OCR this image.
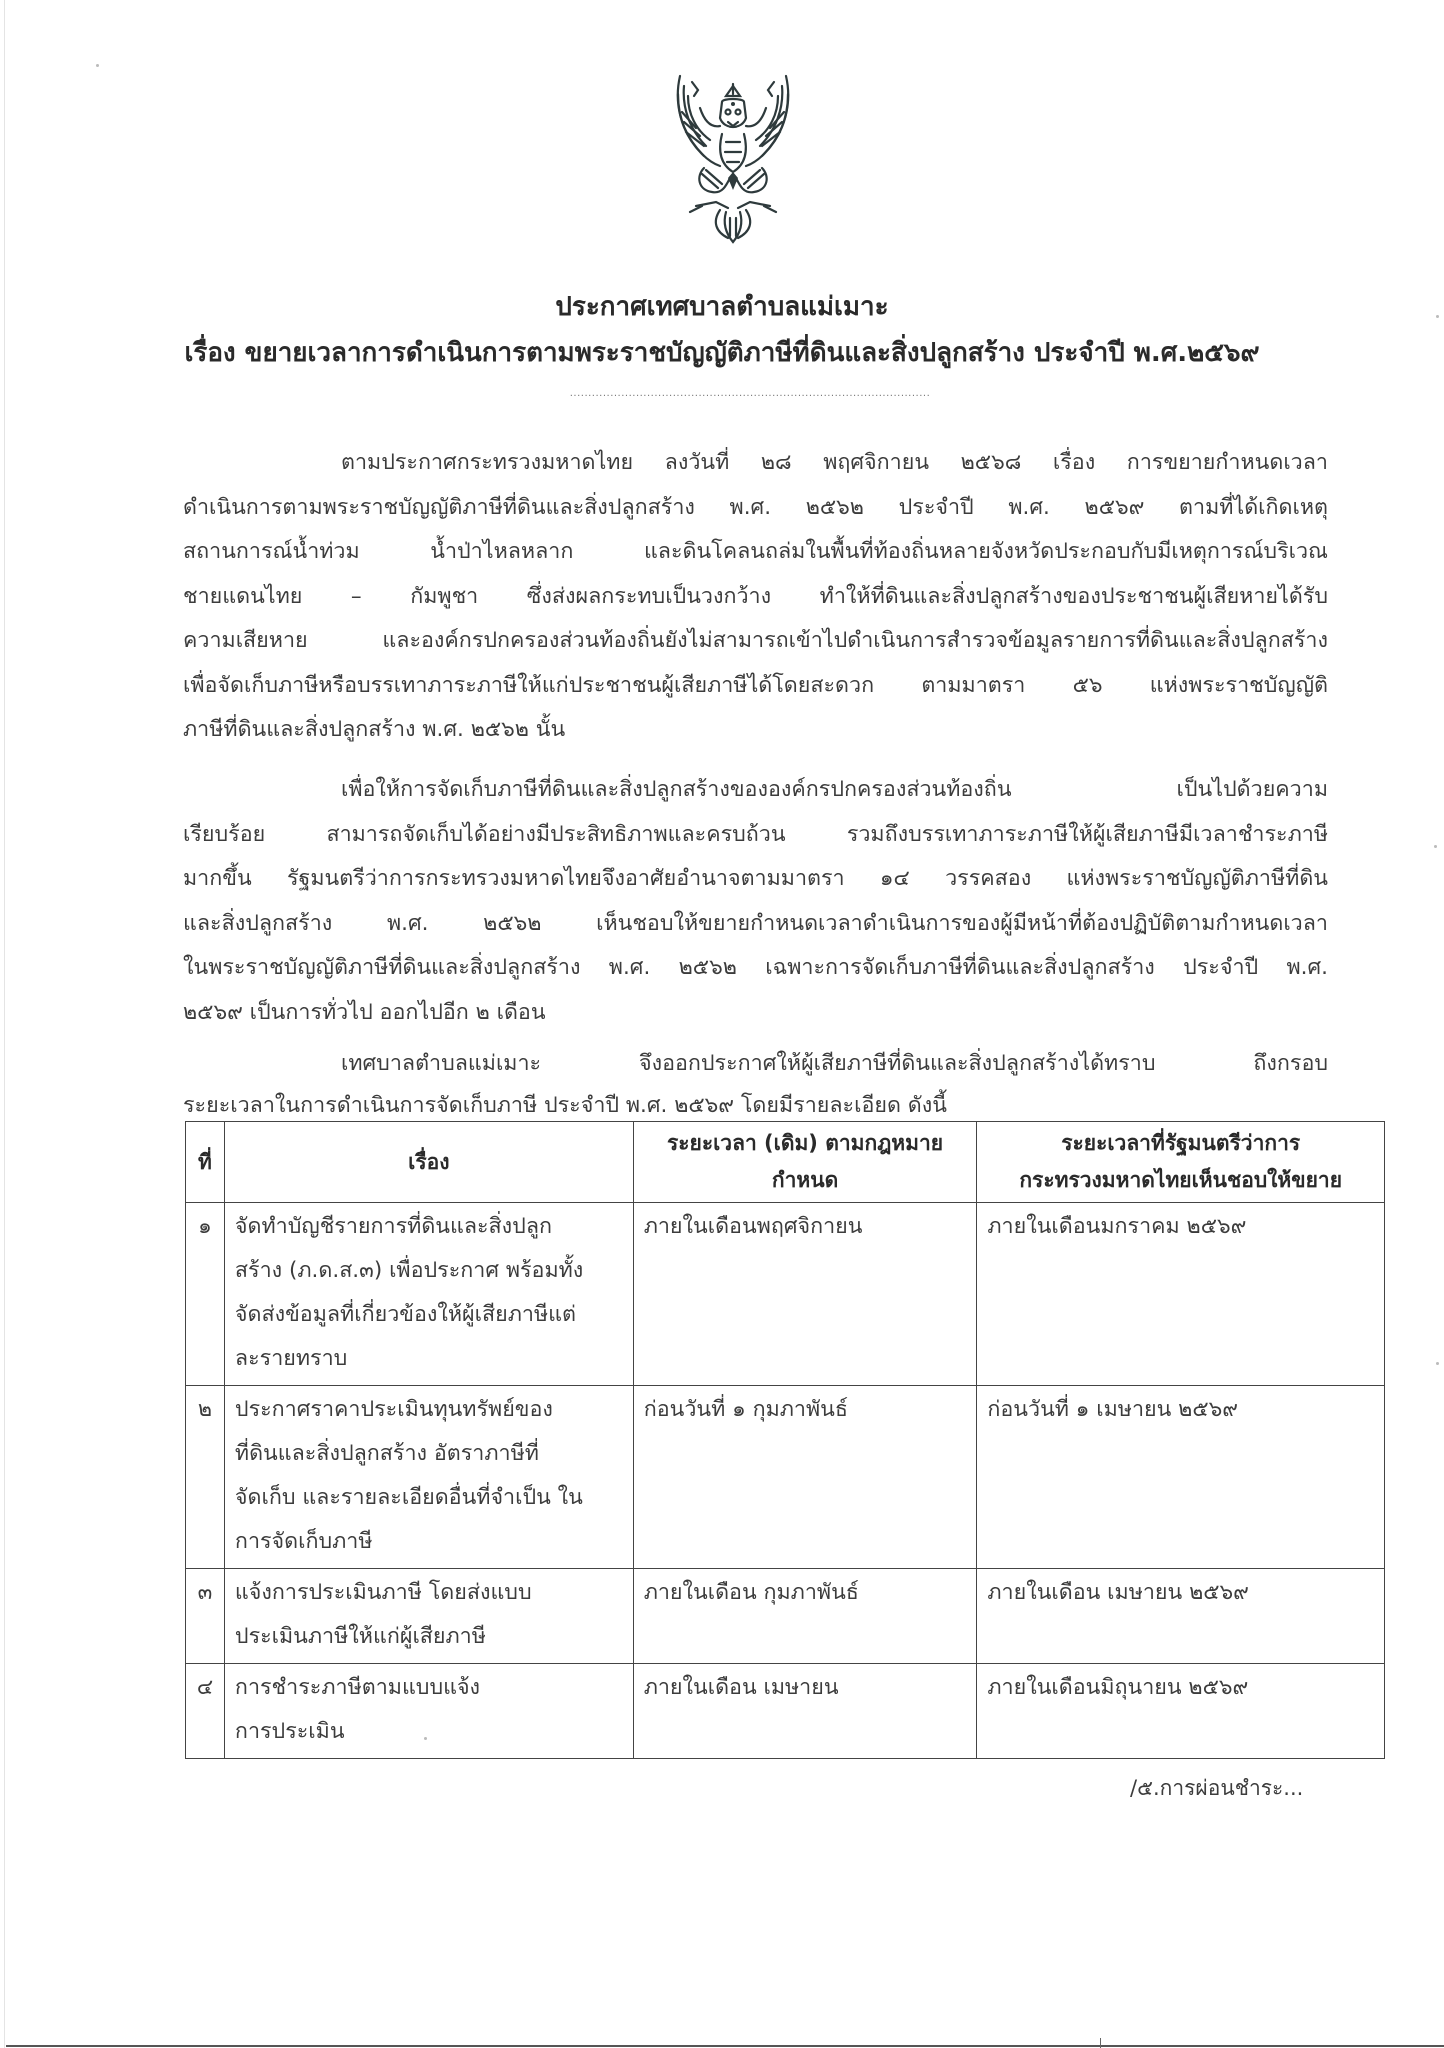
ประกาศเทศบาลตำบลแม่เมาะ
เรื่อง ขยายเวลาการดำเนินการตามพระราชบัญญัติภาษีที่ดินและสิ่งปลูกสร้าง ประจำปี พ.ศ.๒๕๖๙
..................................................................................................
ตามประกาศกระทรวงมหาดไทย ลงวันที่ ๒๘ พฤศจิกายน ๒๕๖๘ เรื่อง การขยายกำหนดเวลา
ดำเนินการตามพระราชบัญญัติภาษีที่ดินและสิ่งปลูกสร้าง พ.ศ. ๒๕๖๒ ประจำปี พ.ศ. ๒๕๖๙ ตามที่ได้เกิดเหตุ
สถานการณ์น้ำท่วม น้ำป่าไหลหลาก และดินโคลนถล่มในพื้นที่ท้องถิ่นหลายจังหวัดประกอบกับมีเหตุการณ์บริเวณ
ชายแดนไทย – กัมพูชา ซึ่งส่งผลกระทบเป็นวงกว้าง ทำให้ที่ดินและสิ่งปลูกสร้างของประชาชนผู้เสียหายได้รับ
ความเสียหาย และองค์กรปกครองส่วนท้องถิ่นยังไม่สามารถเข้าไปดำเนินการสำรวจข้อมูลรายการที่ดินและสิ่งปลูกสร้าง
เพื่อจัดเก็บภาษีหรือบรรเทาภาระภาษีให้แก่ประชาชนผู้เสียภาษีได้โดยสะดวก ตามมาตรา ๕๖ แห่งพระราชบัญญัติ
ภาษีที่ดินและสิ่งปลูกสร้าง พ.ศ. ๒๕๖๒ นั้น
เพื่อให้การจัดเก็บภาษีที่ดินและสิ่งปลูกสร้างขององค์กรปกครองส่วนท้องถิ่น เป็นไปด้วยความ
เรียบร้อย สามารถจัดเก็บได้อย่างมีประสิทธิภาพและครบถ้วน รวมถึงบรรเทาภาระภาษีให้ผู้เสียภาษีมีเวลาชำระภาษี
มากขึ้น รัฐมนตรีว่าการกระทรวงมหาดไทยจึงอาศัยอำนาจตามมาตรา ๑๔ วรรคสอง แห่งพระราชบัญญัติภาษีที่ดิน
และสิ่งปลูกสร้าง พ.ศ. ๒๕๖๒ เห็นชอบให้ขยายกำหนดเวลาดำเนินการของผู้มีหน้าที่ต้องปฏิบัติตามกำหนดเวลา
ในพระราชบัญญัติภาษีที่ดินและสิ่งปลูกสร้าง พ.ศ. ๒๕๖๒ เฉพาะการจัดเก็บภาษีที่ดินและสิ่งปลูกสร้าง ประจำปี พ.ศ.
๒๕๖๙ เป็นการทั่วไป ออกไปอีก ๒ เดือน
เทศบาลตำบลแม่เมาะ จึงออกประกาศให้ผู้เสียภาษีที่ดินและสิ่งปลูกสร้างได้ทราบ ถึงกรอบ
ระยะเวลาในการดำเนินการจัดเก็บภาษี ประจำปี พ.ศ. ๒๕๖๙ โดยมีรายละเอียด ดังนี้
ที่	เรื่อง	ระยะเวลา (เดิม) ตามกฎหมาย
กำหนด	ระยะเวลาที่รัฐมนตรีว่าการ
กระทรวงมหาดไทยเห็นชอบให้ขยาย

๑	จัดทำบัญชีรายการที่ดินและสิ่งปลูก
สร้าง (ภ.ด.ส.๓) เพื่อประกาศ พร้อมทั้ง
จัดส่งข้อมูลที่เกี่ยวข้องให้ผู้เสียภาษีแต่
ละรายทราบ	ภายในเดือนพฤศจิกายน	ภายในเดือนมกราคม ๒๕๖๙
๒	ประกาศราคาประเมินทุนทรัพย์ของ
ที่ดินและสิ่งปลูกสร้าง อัตราภาษีที่
จัดเก็บ และรายละเอียดอื่นที่จำเป็น ใน
การจัดเก็บภาษี	ก่อนวันที่ ๑ กุมภาพันธ์	ก่อนวันที่ ๑ เมษายน ๒๕๖๙
๓	แจ้งการประเมินภาษี โดยส่งแบบ
ประเมินภาษีให้แก่ผู้เสียภาษี	ภายในเดือน กุมภาพันธ์	ภายในเดือน เมษายน ๒๕๖๙
๔	การชำระภาษีตามแบบแจ้ง
การประเมิน	ภายในเดือน เมษายน	ภายในเดือนมิถุนายน ๒๕๖๙
/๕.การผ่อนชำระ...
